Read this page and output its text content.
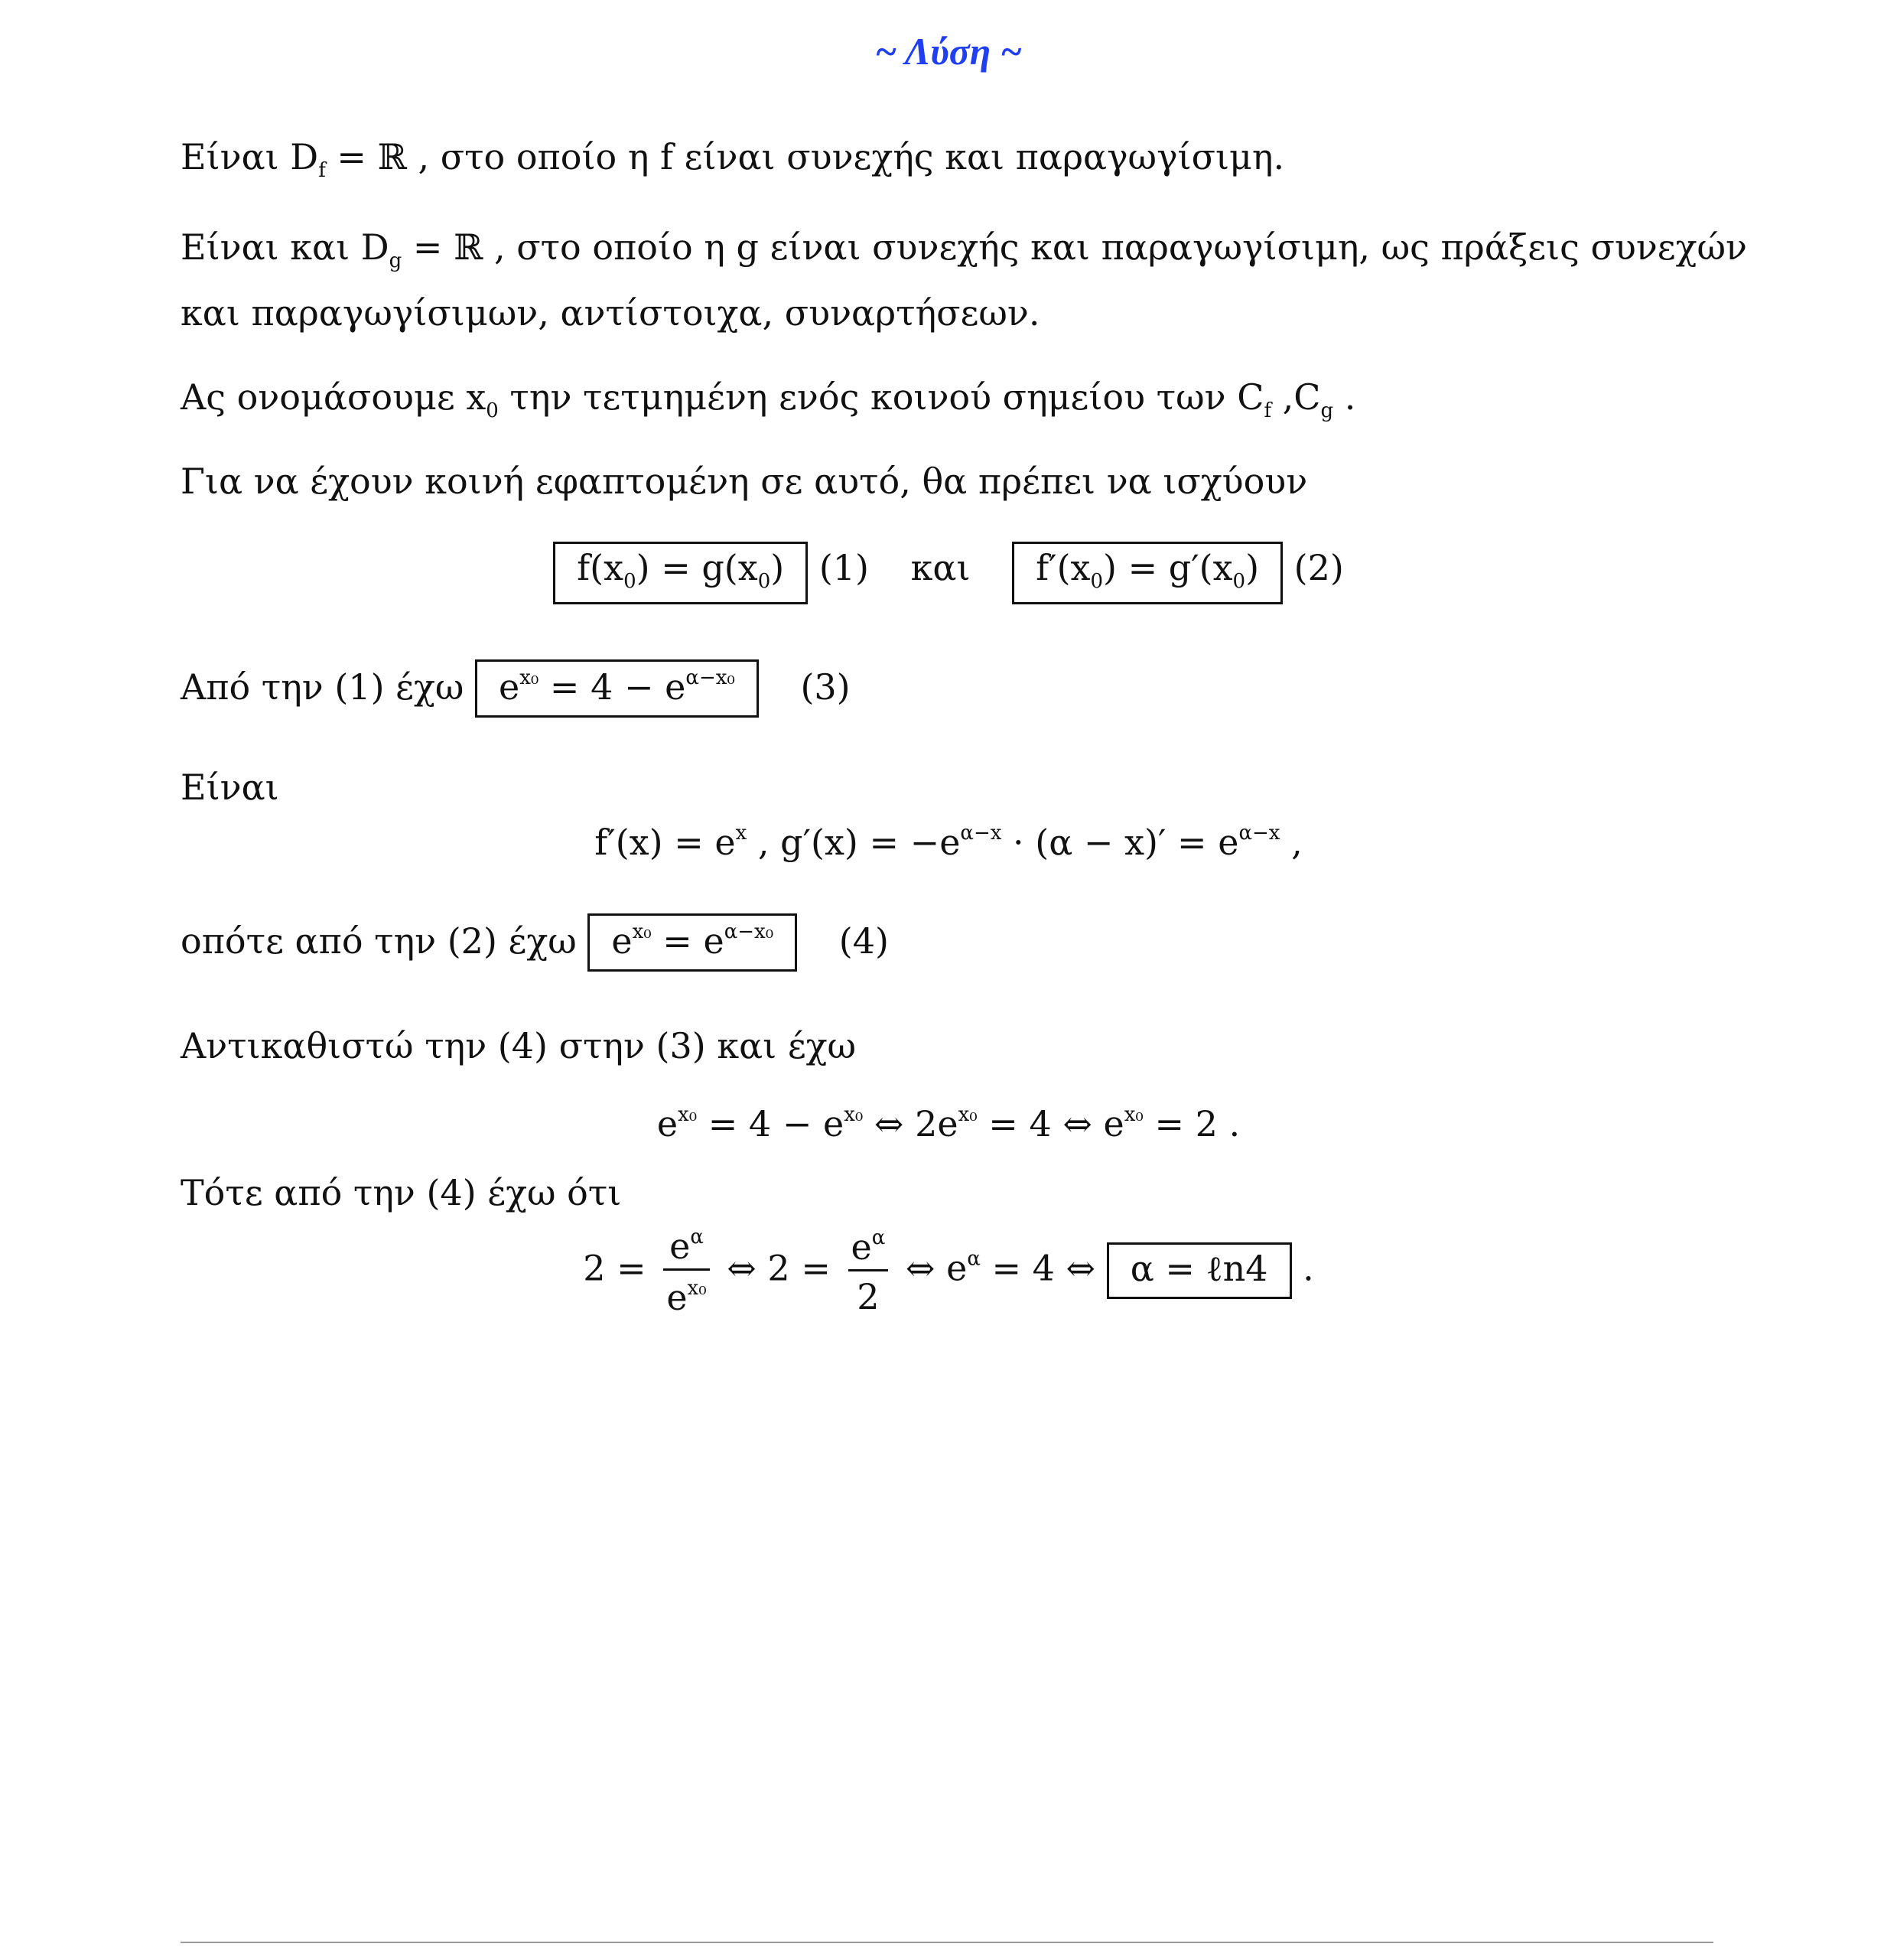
~ Λύση ~
Είναι $D_f$ = ℝ , στο οποίο η f είναι συνεχής και παραγωγίσιμη.
Είναι και $D_g$ = ℝ , στο οποίο η g είναι συνεχής και παραγωγίσιμη, ως πράξεις συνεχών
και παραγωγίσιμων, αντίστοιχα, συναρτήσεων.
Ας ονομάσουμε $x_0$ την τετμημένη ενός κοινού σημείου των $C_f$ $,C_g$ .
Για να έχουν κοινή εφαπτομένη σε αυτό, θα πρέπει να ισχύουν
$f(x_0) = g(x_0)$ (1) και $f'(x_0) = g'(x_0)$ (2)
Από την (1) έχω $e^{x_0} = 4 - e^{\alpha-x_0}$ (3)
Είναι
$f'(x) = e^x$ , $g'(x) = -e^{\alpha-x} \cdot (\alpha - x)' = e^{\alpha-x}$ ,
οπότε από την (2) έχω $e^{x_0} = e^{\alpha-x_0}$ (4)
Αντικαθιστώ την (4) στην (3) και έχω
$e^{x_0} = 4 - e^{x_0}$ ⇔ $2e^{x_0} = 4$ ⇔ $e^{x_0} = 2$ .
Τότε από την (4) έχω ότι
$2 = \frac{e^\alpha}{e^{x_0}}$ ⇔ $2 = \frac{e^\alpha}{2}$ ⇔ $e^\alpha = 4$ ⇔ α = ℓn4 .
